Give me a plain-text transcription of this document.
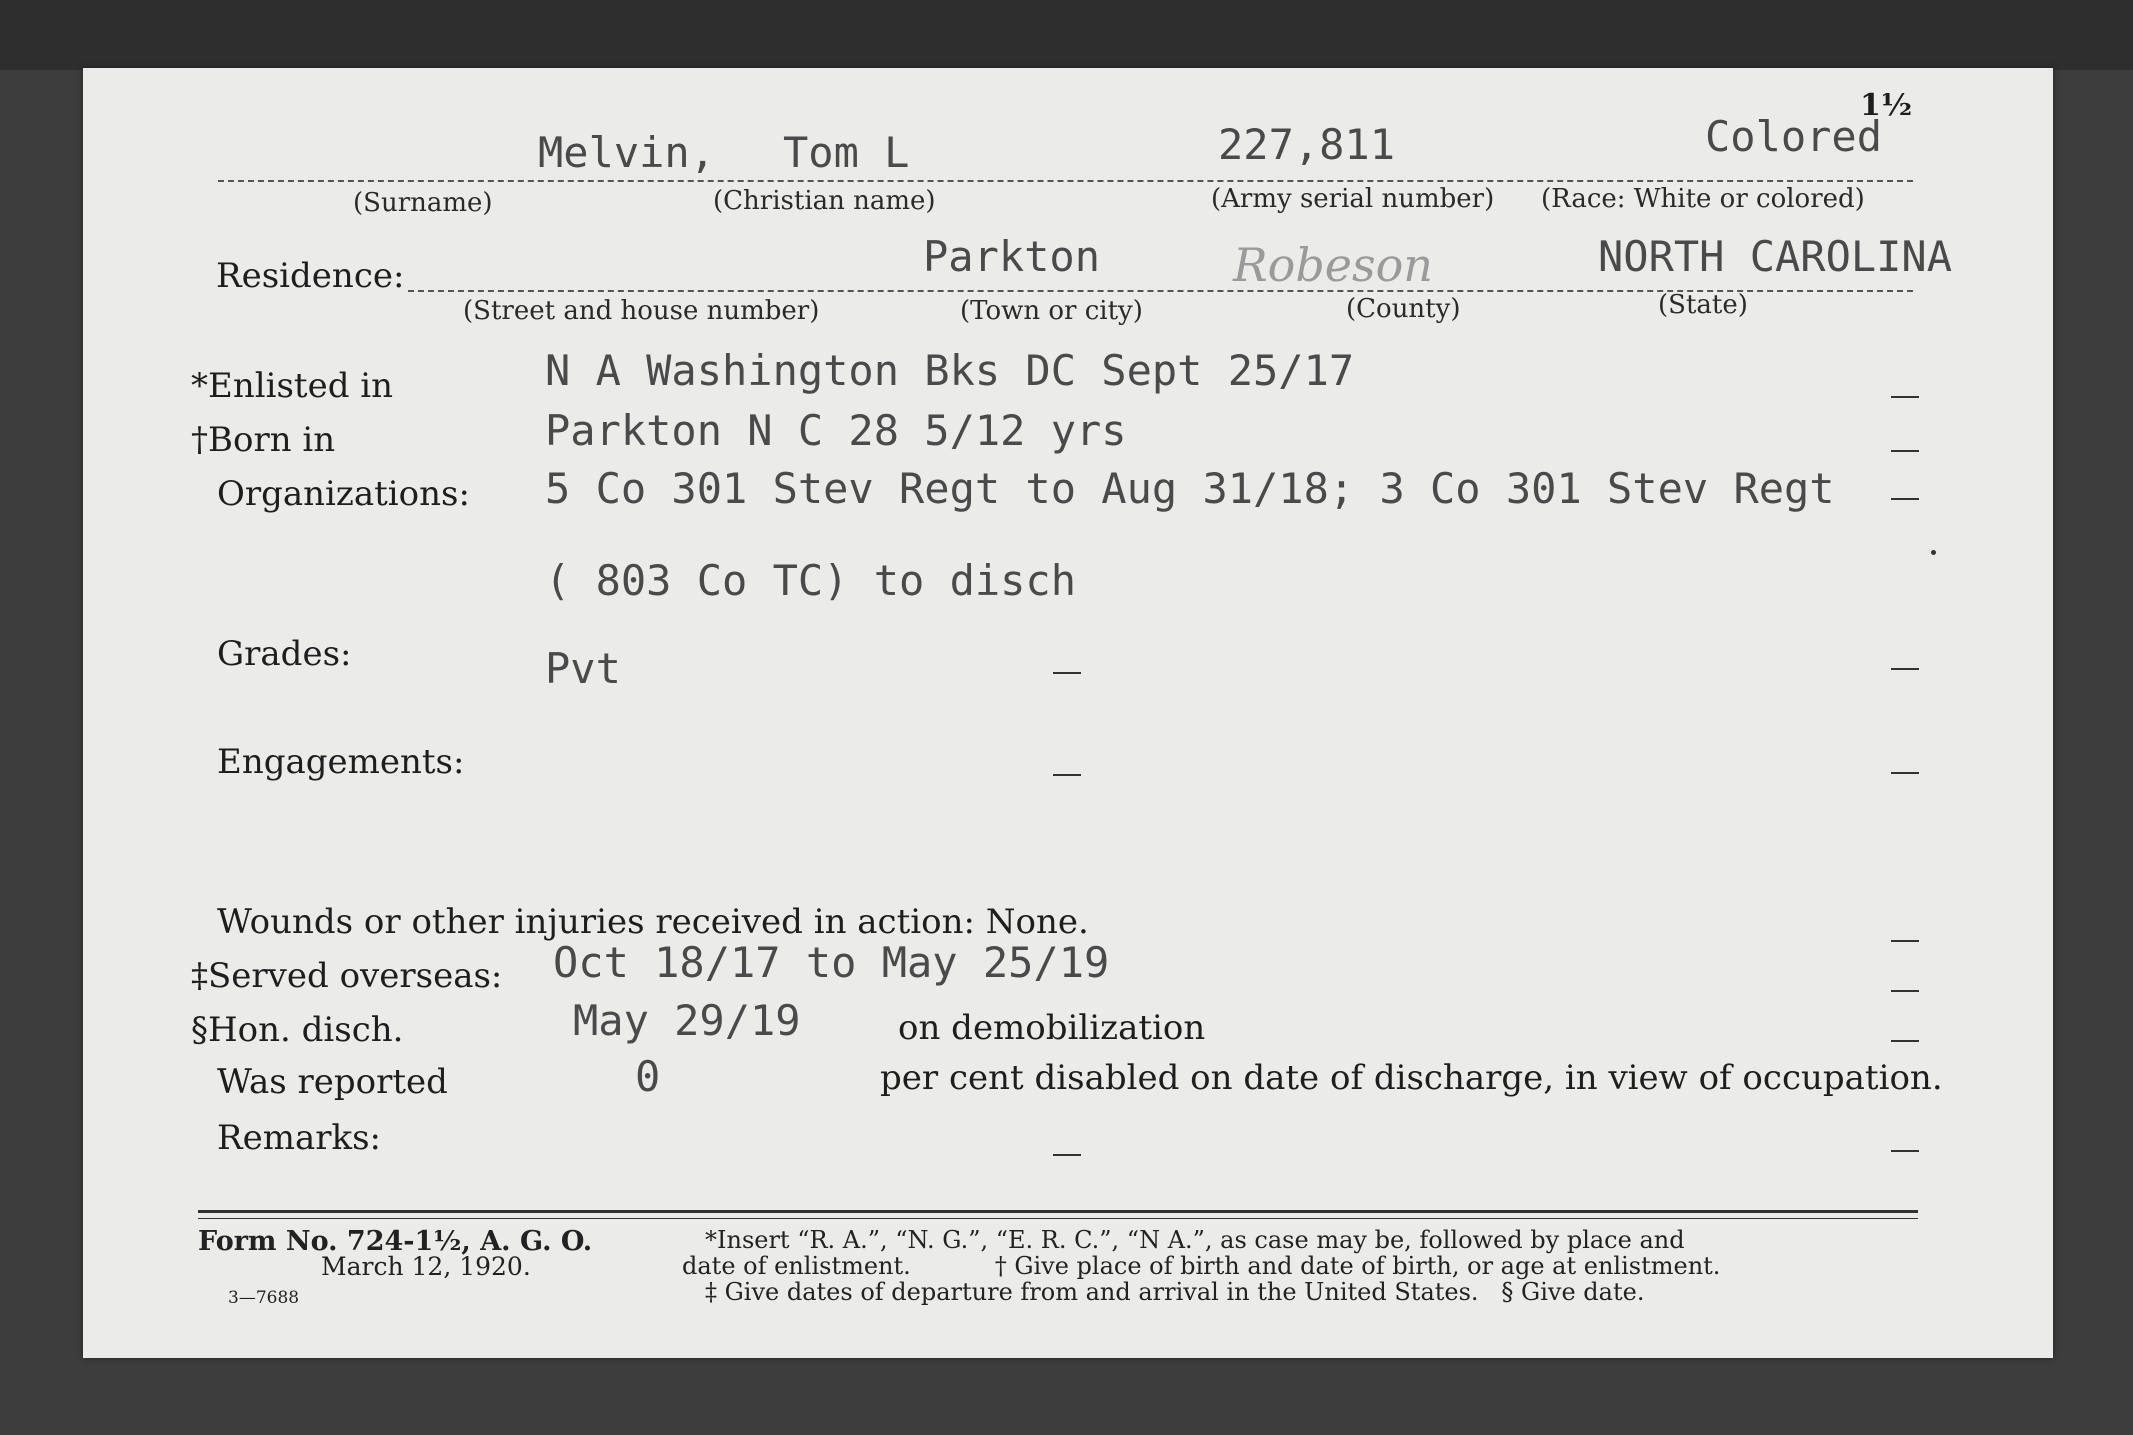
1½
Melvin, Tom L	227,811	Colored
(Surname)	(Christian name)	(Army serial number) (Race: White or colored)
Residence:	Parkton	Robeson	NORTH CAROLINA
(Street and house number)	(Town or city)	(County)	(State)
*Enlisted in	N A Washington Bks DC Sept 25/17
†Born in	Parkton N C 28 5/12 yrs
Organizations: 5 Co 301 Stev Regt to Aug 31/18; 3 Co 301 Stev Regt
( 803 Co TC) to disch
Grades:	Pvt
Engagements:
Wounds or other injuries received in action: None.
‡Served overseas: Oct 18/17 to May 25/19
§Hon. disch.	May 29/19	on demobilization
Was reported	0	per cent disabled on date of discharge, in view of occupation.
Remarks:
Form No. 724-1½, A. G. O.
March 12, 1920.
3—7688
*Insert “R. A.”, “N. G.”, “E. R. C.”, “N A.”, as case may be, followed by place and
date of enlistment.           † Give place of birth and date of birth, or age at enlistment.
‡ Give dates of departure from and arrival in the United States.   § Give date.
